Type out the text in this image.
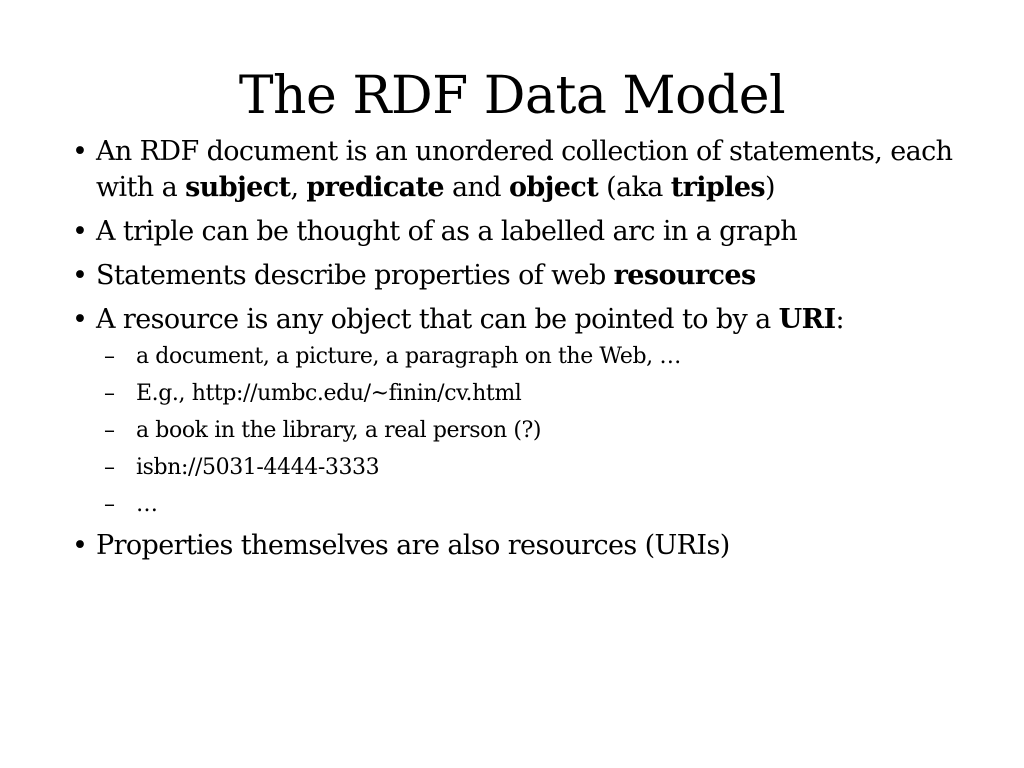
The RDF Data Model
• An RDF document is an unordered collection of statements, each with a subject, predicate and object (aka triples)
• A triple can be thought of as a labelled arc in a graph
• Statements describe properties of web resources
• A resource is any object that can be pointed to by a URI:
– a document, a picture, a paragraph on the Web, …
– E.g., http://umbc.edu/~finin/cv.html
– a book in the library, a real person (?)
– isbn://5031-4444-3333
– …
• Properties themselves are also resources (URIs)
